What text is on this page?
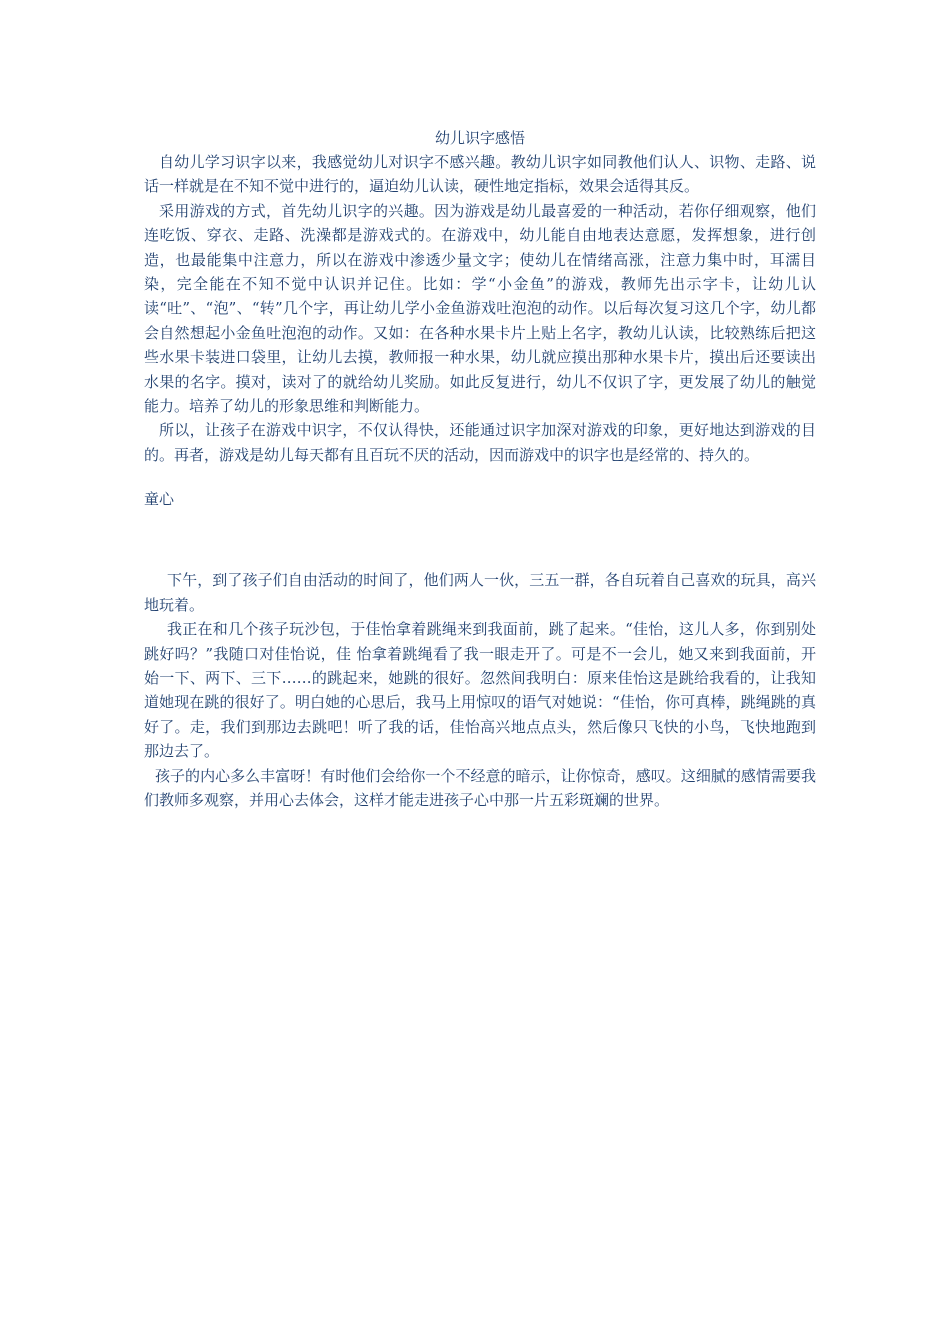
幼儿识字感悟

自幼儿学习识字以来，我感觉幼儿对识字不感兴趣。教幼儿识字如同教他们认人、识物、走路、说话一样就是在不知不觉中进行的，逼迫幼儿认读，硬性地定指标，效果会适得其反。

采用游戏的方式，首先幼儿识字的兴趣。因为游戏是幼儿最喜爱的一种活动，若你仔细观察，他们连吃饭、穿衣、走路、洗澡都是游戏式的。在游戏中，幼儿能自由地表达意愿，发挥想象，进行创造，也最能集中注意力，所以在游戏中渗透少量文字；使幼儿在情绪高涨，注意力集中时，耳濡目染，完全能在不知不觉中认识并记住。比如：学“小金鱼”的游戏，教师先出示字卡，让幼儿认读“吐”、“泡”、“转”几个字，再让幼儿学小金鱼游戏吐泡泡的动作。以后每次复习这几个字，幼儿都会自然想起小金鱼吐泡泡的动作。又如：在各种水果卡片上贴上名字，教幼儿认读，比较熟练后把这些水果卡装进口袋里，让幼儿去摸，教师报一种水果，幼儿就应摸出那种水果卡片，摸出后还要读出水果的名字。摸对，读对了的就给幼儿奖励。如此反复进行，幼儿不仅识了字，更发展了幼儿的触觉能力。培养了幼儿的形象思维和判断能力。

所以，让孩子在游戏中识字，不仅认得快，还能通过识字加深对游戏的印象，更好地达到游戏的目的。再者，游戏是幼儿每天都有且百玩不厌的活动，因而游戏中的识字也是经常的、持久的。

童心

下午，到了孩子们自由活动的时间了，他们两人一伙，三五一群，各自玩着自己喜欢的玩具，高兴地玩着。

我正在和几个孩子玩沙包，于佳怡拿着跳绳来到我面前，跳了起来。“佳怡，这儿人多，你到别处跳好吗？”我随口对佳怡说，佳 怡拿着跳绳看了我一眼走开了。可是不一会儿，她又来到我面前，开始一下、两下、三下……的跳起来，她跳的很好。忽然间我明白：原来佳怡这是跳给我看的，让我知道她现在跳的很好了。明白她的心思后，我马上用惊叹的语气对她说：“佳怡，你可真棒，跳绳跳的真好了。走，我们到那边去跳吧！听了我的话，佳怡高兴地点点头，然后像只飞快的小鸟，飞快地跑到那边去了。

孩子的内心多么丰富呀！有时他们会给你一个不经意的暗示，让你惊奇，感叹。这细腻的感情需要我们教师多观察，并用心去体会，这样才能走进孩子心中那一片五彩斑斓的世界。
